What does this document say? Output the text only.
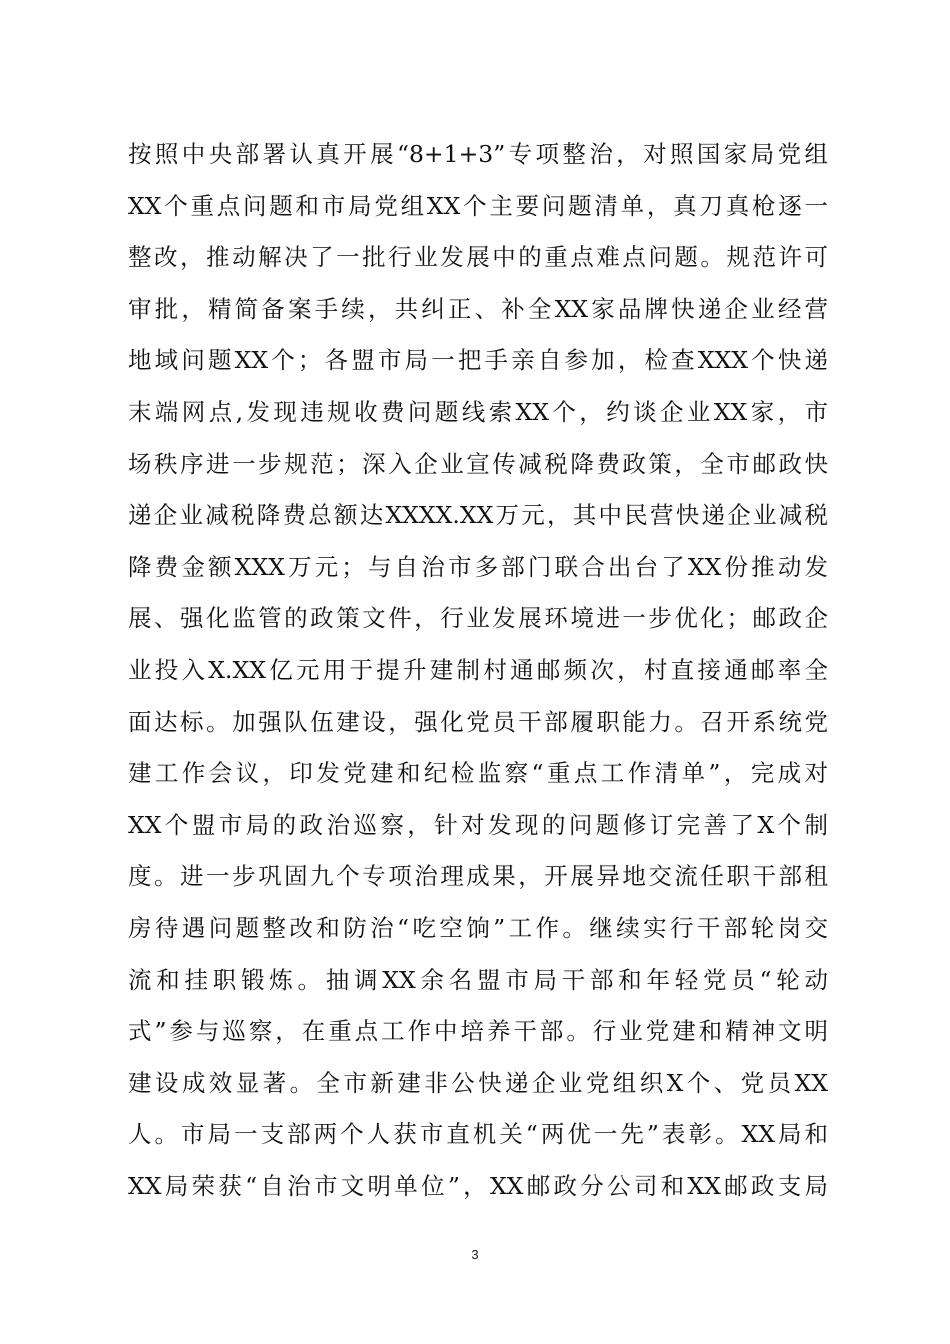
按照中央部署认真开展“8+1+3”专项整治，对照国家局党组
XX个重点问题和市局党组XX个主要问题清单，真刀真枪逐一
整改，推动解决了一批行业发展中的重点难点问题。规范许可
审批，精简备案手续，共纠正、补全XX家品牌快递企业经营
地域问题XX个；各盟市局一把手亲自参加，检查XXX个快递
末端网点,发现违规收费问题线索XX个，约谈企业XX家，市
场秩序进一步规范；深入企业宣传减税降费政策，全市邮政快
递企业减税降费总额达XXXX.XX万元，其中民营快递企业减税
降费金额XXX万元；与自治市多部门联合出台了XX份推动发
展、强化监管的政策文件，行业发展环境进一步优化；邮政企
业投入X.XX亿元用于提升建制村通邮频次，村直接通邮率全
面达标。加强队伍建设，强化党员干部履职能力。召开系统党
建工作会议，印发党建和纪检监察“重点工作清单”，完成对
XX个盟市局的政治巡察，针对发现的问题修订完善了X个制
度。进一步巩固九个专项治理成果，开展异地交流任职干部租
房待遇问题整改和防治“吃空饷”工作。继续实行干部轮岗交
流和挂职锻炼。抽调XX余名盟市局干部和年轻党员“轮动
式”参与巡察，在重点工作中培养干部。行业党建和精神文明
建设成效显著。全市新建非公快递企业党组织X个、党员XX
人。市局一支部两个人获市直机关“两优一先”表彰。XX局和
XX局荣获“自治市文明单位”，XX邮政分公司和XX邮政支局
3
